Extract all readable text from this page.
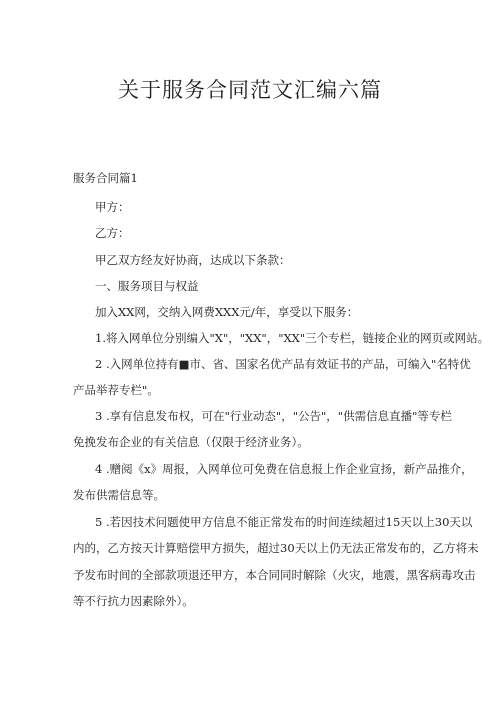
关于服务合同范文汇编六篇
服务合同篇1
甲方：
乙方：
甲乙双方经友好协商，达成以下条款：
一、服务项目与权益
加入XX网，交纳入网费XXX元/年，享受以下服务：
1.将入网单位分别编入"X"，"XX"，"XX"三个专栏，链接企业的网页或网站。
2 .入网单位持有■市、省、国家名优产品有效证书的产品，可编入"名特优
产品举荐专栏"。
3 .享有信息发布权，可在"行业动态"，"公告"，"供需信息直播"等专栏
免挽发布企业的有关信息（仅限于经济业务）。
4 .赠阅《x》周报，入网单位可免费在信息报上作企业宣扬，新产品推介，
发布供需信息等。
5 .若因技术问题使甲方信息不能正常发布的时间连续超过15天以上30天以
内的，乙方按天计算赔偿甲方损失，超过30天以上仍无法正常发布的，乙方将未
予发布时间的全部款项退还甲方，本合同同时解除（火灾，地震，黑客病毒攻击
等不行抗力因素除外）。
